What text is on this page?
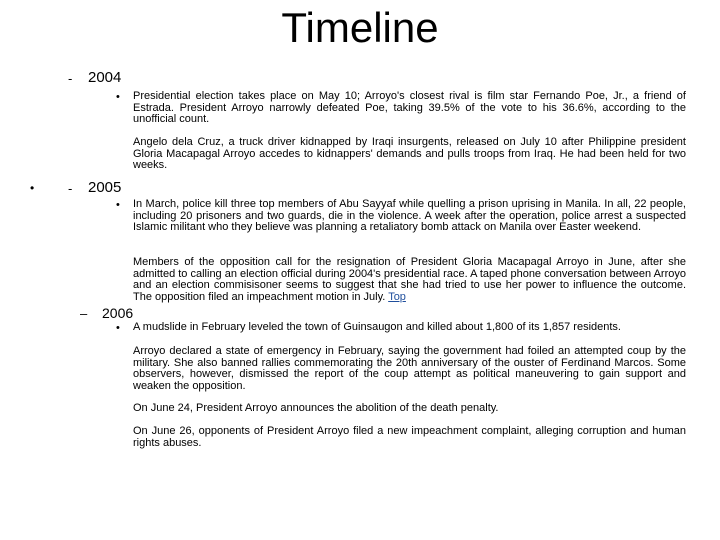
Timeline
- 2004
• Presidential election takes place on May 10; Arroyo's closest rival is film star Fernando Poe, Jr., a friend of Estrada. President Arroyo narrowly defeated Poe, taking 39.5% of the vote to his 36.6%, according to the unofficial count.
Angelo dela Cruz, a truck driver kidnapped by Iraqi insurgents, released on July 10 after Philippine president Gloria Macapagal Arroyo accedes to kidnappers' demands and pulls troops from Iraq. He had been held for two weeks.
•	- 2005
• In March, police kill three top members of Abu Sayyaf while quelling a prison uprising in Manila. In all, 22 people, including 20 prisoners and two guards, die in the violence. A week after the operation, police arrest a suspected Islamic militant who they believe was planning a retaliatory bomb attack on Manila over Easter weekend.
Members of the opposition call for the resignation of President Gloria Macapagal Arroyo in June, after she admitted to calling an election official during 2004's presidential race. A taped phone conversation between Arroyo and an election commisisoner seems to suggest that she had tried to use her power to influence the outcome. The opposition filed an impeachment motion in July. Top
– 2006
• A mudslide in February leveled the town of Guinsaugon and killed about 1,800 of its 1,857 residents.
Arroyo declared a state of emergency in February, saying the government had foiled an attempted coup by the military. She also banned rallies commemorating the 20th anniversary of the ouster of Ferdinand Marcos. Some observers, however, dismissed the report of the coup attempt as political maneuvering to gain support and weaken the opposition.
On June 24, President Arroyo announces the abolition of the death penalty.
On June 26, opponents of President Arroyo filed a new impeachment complaint, alleging corruption and human rights abuses.
